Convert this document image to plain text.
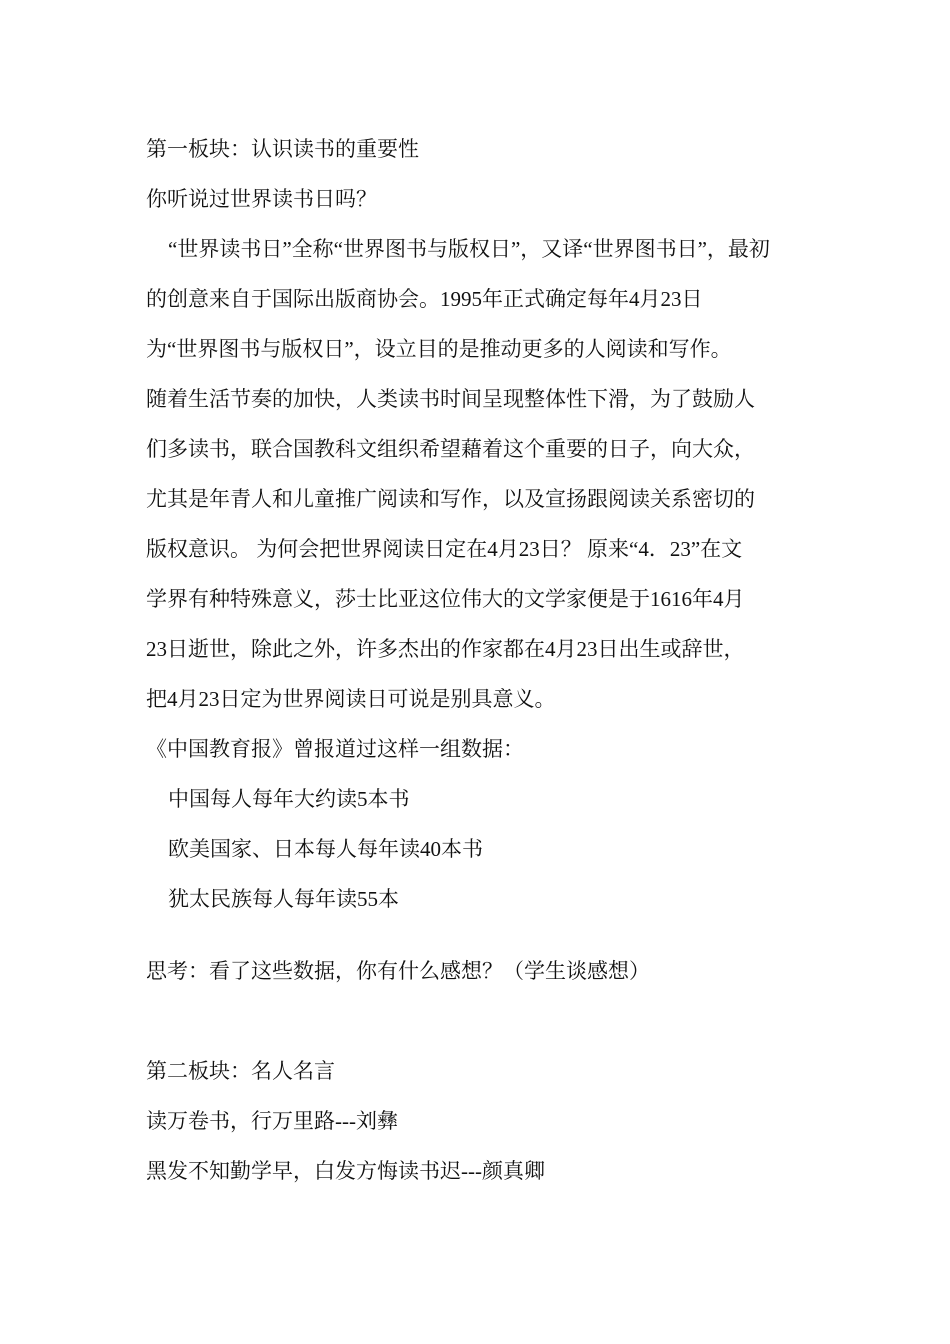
第一板块：认识读书的重要性
你听说过世界读书日吗？
“世界读书日”全称“世界图书与版权日”，又译“世界图书日”，最初
的创意来自于国际出版商协会。1995年正式确定每年4月23日
为“世界图书与版权日”，设立目的是推动更多的人阅读和写作。
随着生活节奏的加快，人类读书时间呈现整体性下滑，为了鼓励人
们多读书，联合国教科文组织希望藉着这个重要的日子，向大众，
尤其是年青人和儿童推广阅读和写作，以及宣扬跟阅读关系密切的
版权意识。 为何会把世界阅读日定在4月23日？ 原来“4．23”在文
学界有种特殊意义，莎士比亚这位伟大的文学家便是于1616年4月
23日逝世，除此之外，许多杰出的作家都在4月23日出生或辞世，
把4月23日定为世界阅读日可说是别具意义。
《中国教育报》曾报道过这样一组数据：
中国每人每年大约读5本书
欧美国家、日本每人每年读40本书
犹太民族每人每年读55本
思考：看了这些数据，你有什么感想？（学生谈感想）
第二板块：名人名言
读万卷书，行万里路---刘彝
黑发不知勤学早，白发方悔读书迟---颜真卿
